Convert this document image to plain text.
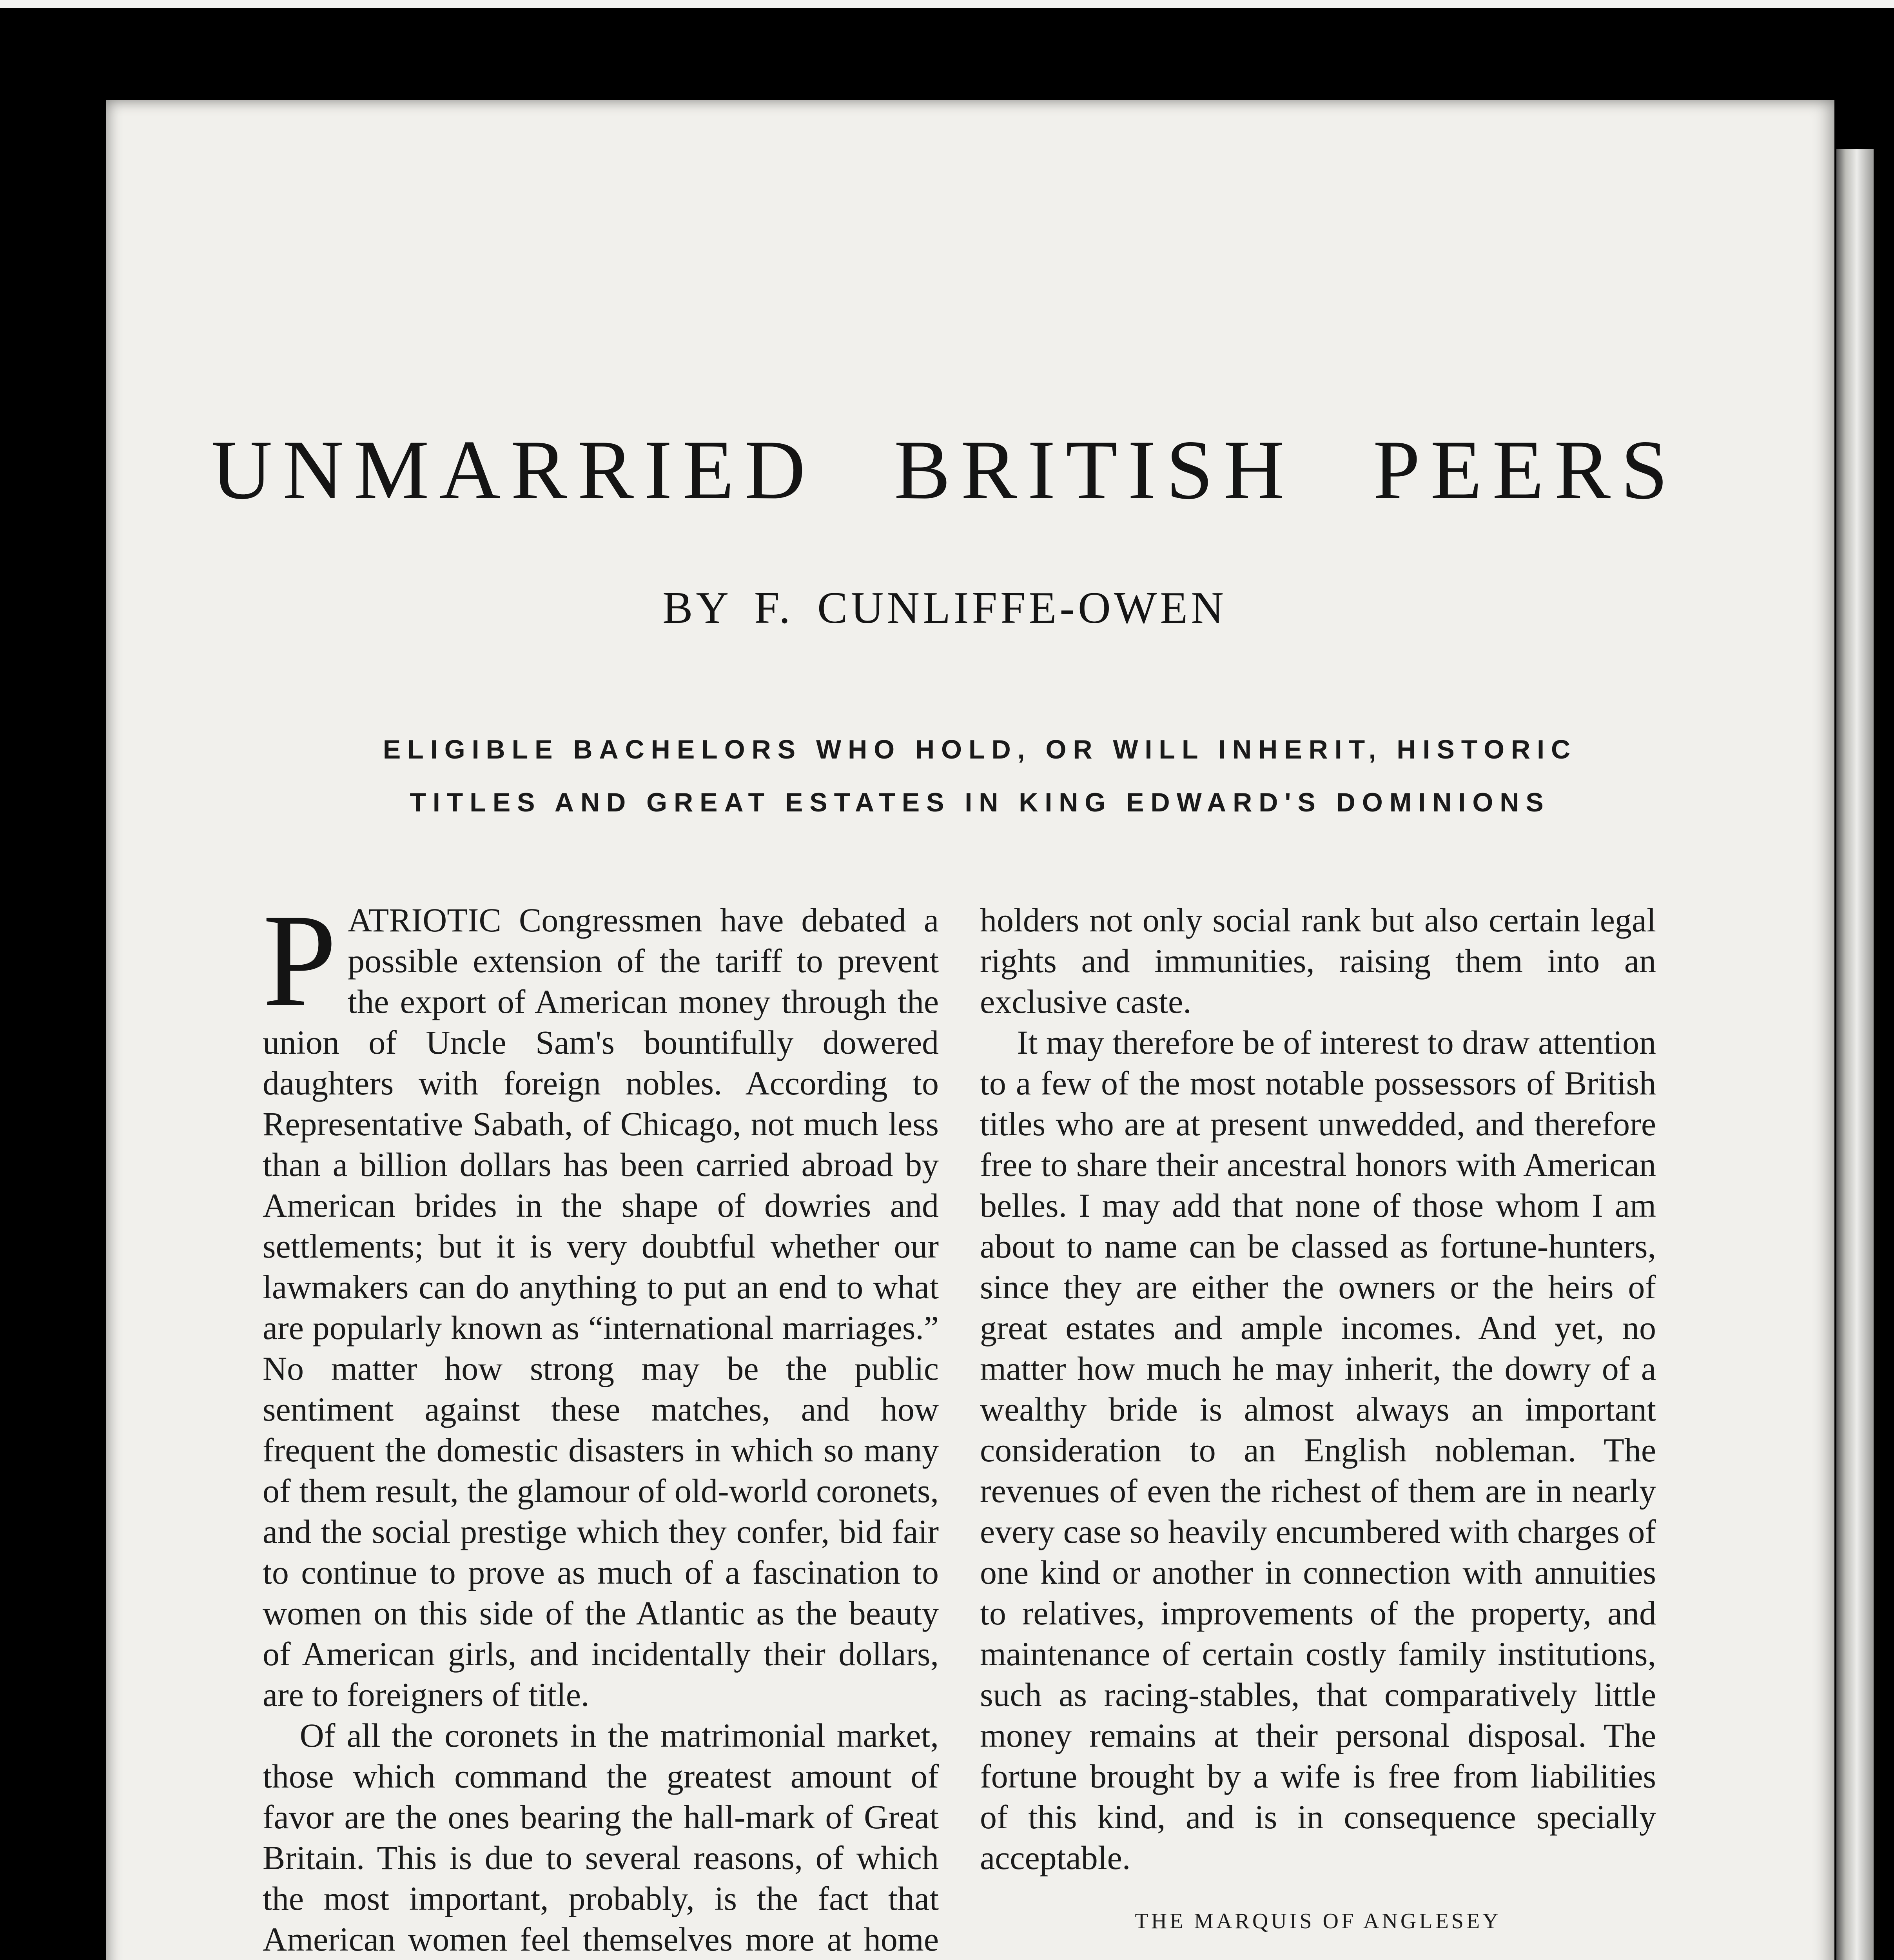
UNMARRIED BRITISH PEERS
BY F. CUNLIFFE-OWEN
ELIGIBLE BACHELORS WHO HOLD, OR WILL INHERIT, HISTORIC
TITLES AND GREAT ESTATES IN KING EDWARD'S DOMINIONS

PATRIOTIC Congressmen have debated a possible extension of the tariff to prevent the export of American money through the union of Uncle Sam's bountifully dowered daughters with foreign nobles. According to Representative Sabath, of Chicago, not much less than a billion dollars has been carried abroad by American brides in the shape of dowries and settlements; but it is very doubtful whether our lawmakers can do anything to put an end to what are popularly known as “international marriages.” No matter how strong may be the public sentiment against these matches, and how frequent the domestic disasters in which so many of them result, the glamour of old-world coronets, and the social prestige which they confer, bid fair to continue to prove as much of a fascination to women on this side of the Atlantic as the beauty of American girls, and incidentally their dollars, are to foreigners of title.

Of all the coronets in the matrimonial market, those which command the greatest amount of favor are the ones bearing the hall-mark of Great Britain. This is due to several reasons, of which the most important, probably, is the fact that American women feel themselves more at home

holders not only social rank but also certain legal rights and immunities, raising them into an exclusive caste.

It may therefore be of interest to draw attention to a few of the most notable possessors of British titles who are at present unwedded, and therefore free to share their ancestral honors with American belles. I may add that none of those whom I am about to name can be classed as fortune-hunters, since they are either the owners or the heirs of great estates and ample incomes. And yet, no matter how much he may inherit, the dowry of a wealthy bride is almost always an important consideration to an English nobleman. The revenues of even the richest of them are in nearly every case so heavily encumbered with charges of one kind or another in connection with annuities to relatives, improvements of the property, and maintenance of certain costly family institutions, such as racing-stables, that comparatively little money remains at their personal disposal. The fortune brought by a wife is free from liabilities of this kind, and is in consequence specially acceptable.

THE MARQUIS OF ANGLESEY
